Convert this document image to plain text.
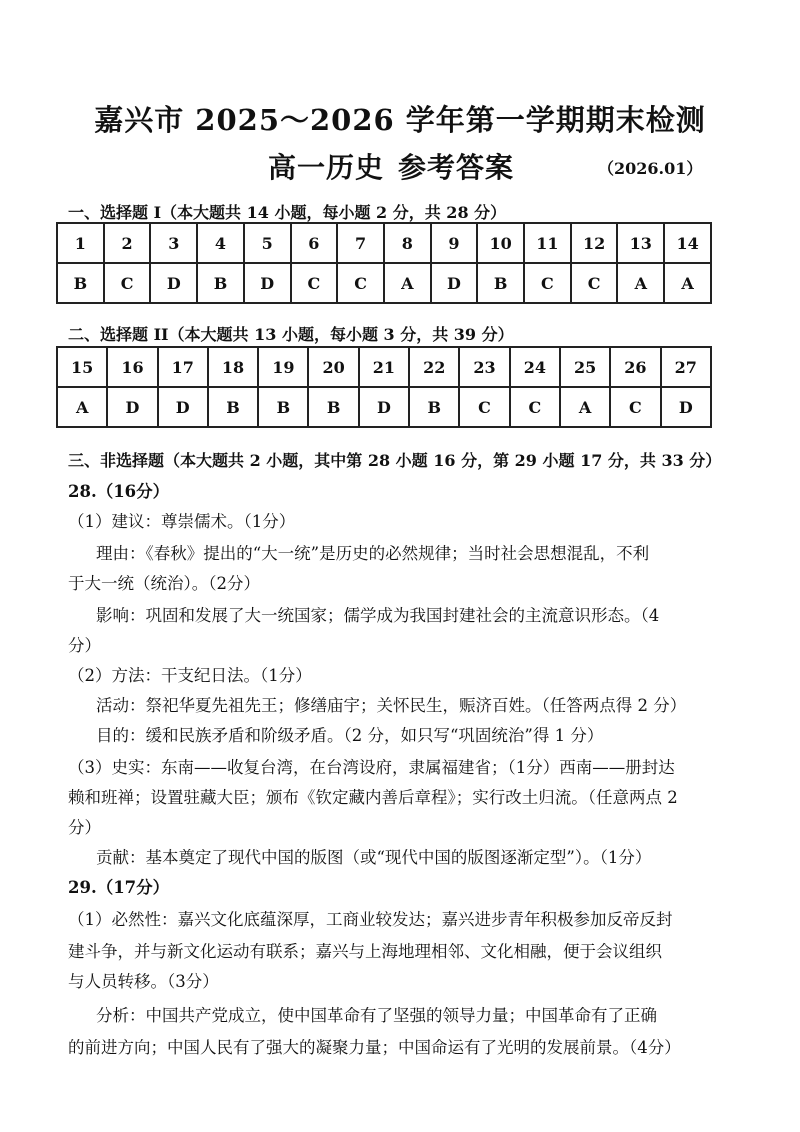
嘉兴市 2025～2026 学年第一学期期末检测
高一历史 参考答案	（2026.01）
一、选择题 I（本大题共 14 小题，每小题 2 分，共 28 分）
1	2	3	4	5	6	7	8	9	10	11	12	13	14
B	C	D	B	D	C	C	A	D	B	C	C	A	A
二、选择题 II（本大题共 13 小题，每小题 3 分，共 39 分）
15	16	17	18	19	20	21	22	23	24	25	26	27
A	D	D	B	B	B	D	B	C	C	A	C	D
三、非选择题（本大题共 2 小题，其中第 28 小题 16 分，第 29 小题 17 分，共 33 分）
28.（16分）
（1）建议：尊崇儒术。（1分）
理由：《春秋》提出的“大一统”是历史的必然规律；当时社会思想混乱，不利
于大一统（统治）。（2分）
影响：巩固和发展了大一统国家；儒学成为我国封建社会的主流意识形态。（4
分）
（2）方法：干支纪日法。（1分）
活动：祭祀华夏先祖先王；修缮庙宇；关怀民生，赈济百姓。（任答两点得 2 分）
目的：缓和民族矛盾和阶级矛盾。（2 分，如只写“巩固统治”得 1 分）
（3）史实：东南——收复台湾，在台湾设府，隶属福建省；（1分）西南——册封达
赖和班禅；设置驻藏大臣；颁布《钦定藏内善后章程》；实行改土归流。（任意两点 2
分）
贡献：基本奠定了现代中国的版图（或“现代中国的版图逐渐定型”）。（1分）
29.（17分）
（1）必然性：嘉兴文化底蕴深厚，工商业较发达；嘉兴进步青年积极参加反帝反封
建斗争，并与新文化运动有联系；嘉兴与上海地理相邻、文化相融，便于会议组织
与人员转移。（3分）
分析：中国共产党成立，使中国革命有了坚强的领导力量；中国革命有了正确
的前进方向；中国人民有了强大的凝聚力量；中国命运有了光明的发展前景。（4分）
